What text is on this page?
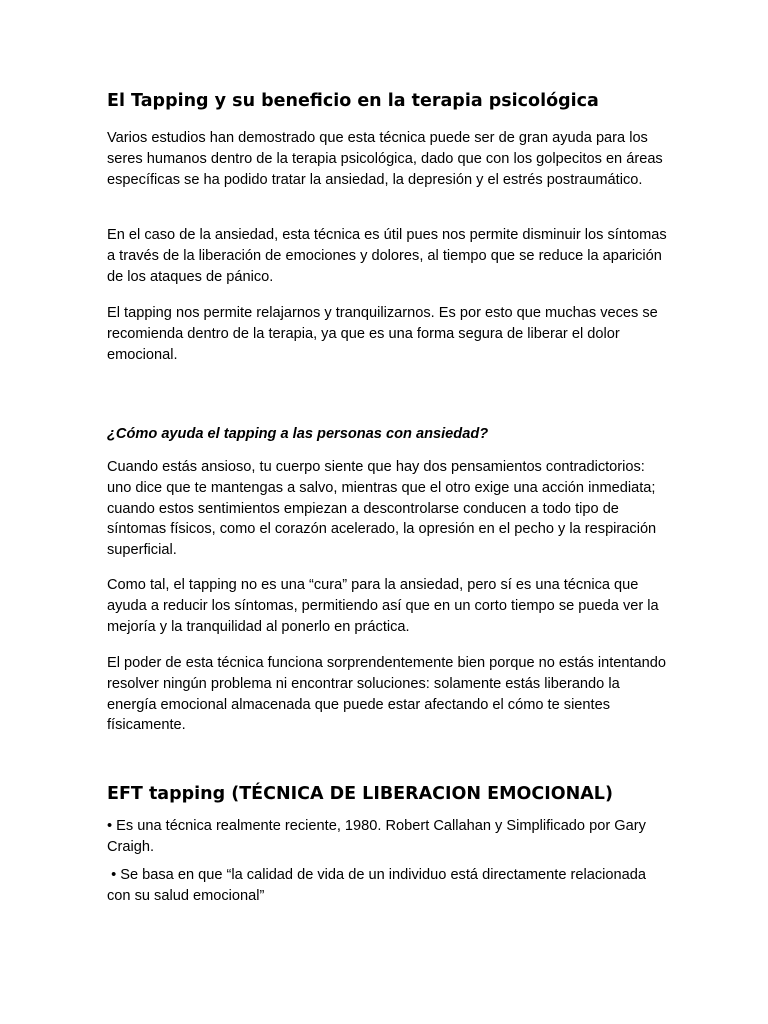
El Tapping y su beneficio en la terapia psicológica

Varios estudios han demostrado que esta técnica puede ser de gran ayuda para los seres humanos dentro de la terapia psicológica, dado que con los golpecitos en áreas específicas se ha podido tratar la ansiedad, la depresión y el estrés postraumático.

En el caso de la ansiedad, esta técnica es útil pues nos permite disminuir los síntomas a través de la liberación de emociones y dolores, al tiempo que se reduce la aparición de los ataques de pánico.

El tapping nos permite relajarnos y tranquilizarnos. Es por esto que muchas veces se recomienda dentro de la terapia, ya que es una forma segura de liberar el dolor emocional.

¿Cómo ayuda el tapping a las personas con ansiedad?

Cuando estás ansioso, tu cuerpo siente que hay dos pensamientos contradictorios: uno dice que te mantengas a salvo, mientras que el otro exige una acción inmediata; cuando estos sentimientos empiezan a descontrolarse conducen a todo tipo de síntomas físicos, como el corazón acelerado, la opresión en el pecho y la respiración superficial.

Como tal, el tapping no es una “cura” para la ansiedad, pero sí es una técnica que ayuda a reducir los síntomas, permitiendo así que en un corto tiempo se pueda ver la mejoría y la tranquilidad al ponerlo en práctica.

El poder de esta técnica funciona sorprendentemente bien porque no estás intentando resolver ningún problema ni encontrar soluciones: solamente estás liberando la energía emocional almacenada que puede estar afectando el cómo te sientes físicamente.

EFT tapping (TÉCNICA DE LIBERACION EMOCIONAL)

• Es una técnica realmente reciente, 1980. Robert Callahan y Simplificado por Gary Craigh.

• Se basa en que “la calidad de vida de un individuo está directamente relacionada con su salud emocional”
